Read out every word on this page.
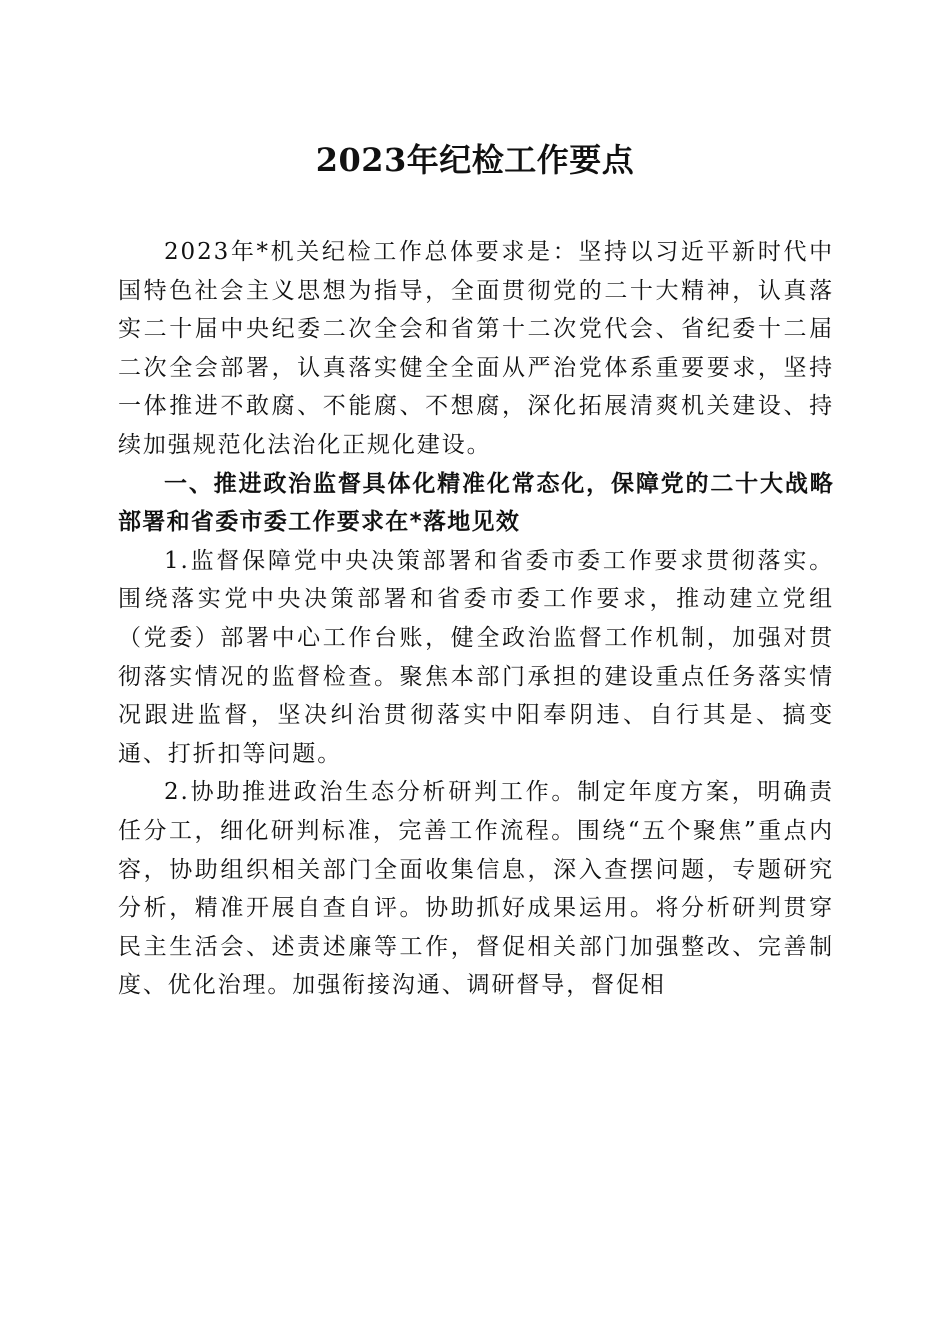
2023年纪检工作要点

2023年*机关纪检工作总体要求是：坚持以习近平新时代中国特色社会主义思想为指导，全面贯彻党的二十大精神，认真落实二十届中央纪委二次全会和省第十二次党代会、省纪委十二届二次全会部署，认真落实健全全面从严治党体系重要要求，坚持一体推进不敢腐、不能腐、不想腐，深化拓展清爽机关建设、持续加强规范化法治化正规化建设。

一、推进政治监督具体化精准化常态化，保障党的二十大战略部署和省委市委工作要求在*落地见效

1.监督保障党中央决策部署和省委市委工作要求贯彻落实。围绕落实党中央决策部署和省委市委工作要求，推动建立党组（党委）部署中心工作台账，健全政治监督工作机制，加强对贯彻落实情况的监督检查。聚焦本部门承担的建设重点任务落实情况跟进监督，坚决纠治贯彻落实中阳奉阴违、自行其是、搞变通、打折扣等问题。

2.协助推进政治生态分析研判工作。制定年度方案，明确责任分工，细化研判标准，完善工作流程。围绕“五个聚焦”重点内容，协助组织相关部门全面收集信息，深入查摆问题，专题研究分析，精准开展自查自评。协助抓好成果运用。将分析研判贯穿民主生活会、述责述廉等工作，督促相关部门加强整改、完善制度、优化治理。加强衔接沟通、调研督导，督促相
